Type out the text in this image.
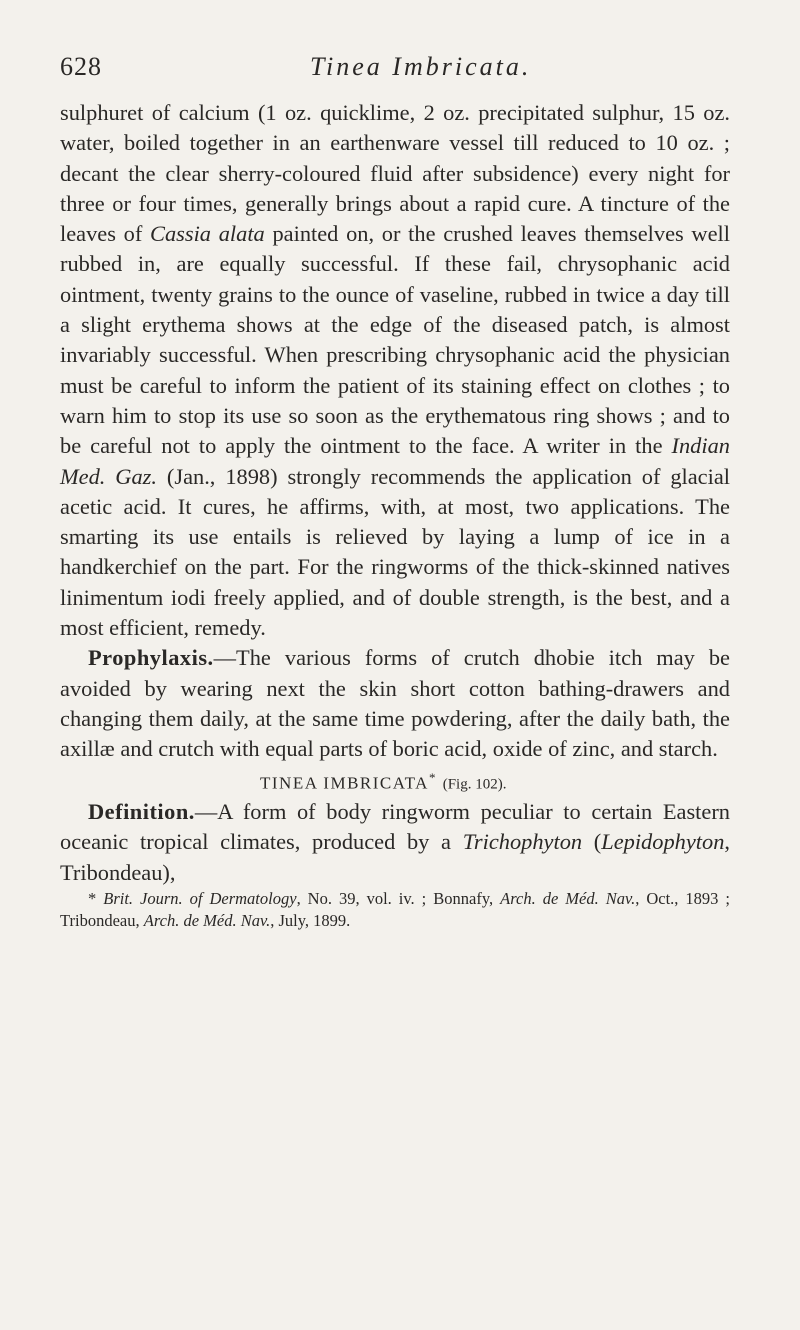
628	Tinea Imbricata.

sulphuret of calcium (1 oz. quicklime, 2 oz. precipitated sulphur, 15 oz. water, boiled together in an earthenware vessel till reduced to 10 oz. ; decant the clear sherry-coloured fluid after subsidence) every night for three or four times, generally brings about a rapid cure. A tincture of the leaves of Cassia alata painted on, or the crushed leaves themselves well rubbed in, are equally successful. If these fail, chrysophanic acid ointment, twenty grains to the ounce of vaseline, rubbed in twice a day till a slight erythema shows at the edge of the diseased patch, is almost invariably successful. When prescribing chrysophanic acid the physician must be careful to inform the patient of its staining effect on clothes ; to warn him to stop its use so soon as the erythematous ring shows ; and to be careful not to apply the ointment to the face. A writer in the Indian Med. Gaz. (Jan., 1898) strongly recommends the application of glacial acetic acid. It cures, he affirms, with, at most, two applications. The smarting its use entails is relieved by laying a lump of ice in a handkerchief on the part. For the ringworms of the thick-skinned natives linimentum iodi freely applied, and of double strength, is the best, and a most efficient, remedy.

Prophylaxis.—The various forms of crutch dhobie itch may be avoided by wearing next the skin short cotton bathing-drawers and changing them daily, at the same time powdering, after the daily bath, the axillæ and crutch with equal parts of boric acid, oxide of zinc, and starch.

TINEA IMBRICATA* (Fig. 102).

Definition.—A form of body ringworm peculiar to certain Eastern oceanic tropical climates, produced by a Trichophyton (Lepidophyton, Tribondeau),

* Brit. Journ. of Dermatology, No. 39, vol. iv. ; Bonnafy, Arch. de Méd. Nav., Oct., 1893 ; Tribondeau, Arch. de Méd. Nav., July, 1899.
